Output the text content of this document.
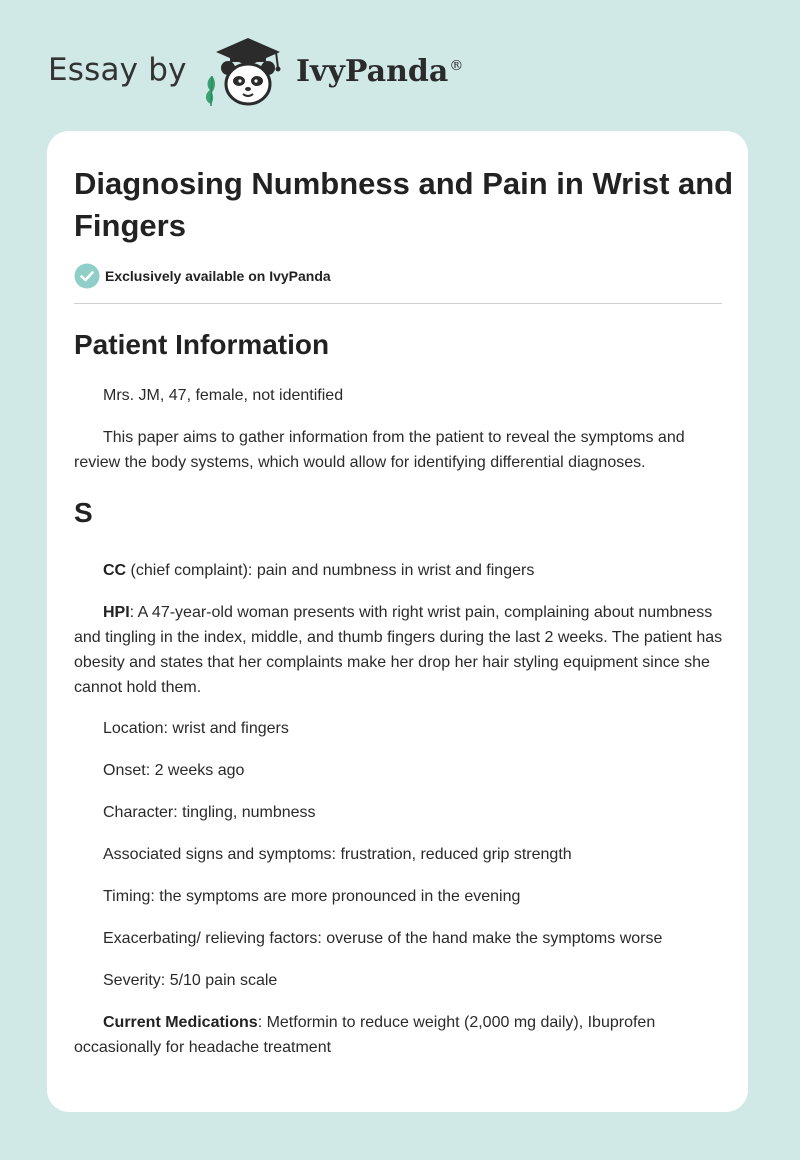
Essay by	IvyPanda®
Diagnosing Numbness and Pain in Wrist and Fingers
Exclusively available on IvyPanda
Patient Information

Mrs. JM, 47, female, not identified

This paper aims to gather information from the patient to reveal the symptoms and review the body systems, which would allow for identifying differential diagnoses.

S

CC (chief complaint): pain and numbness in wrist and fingers

HPI: A 47-year-old woman presents with right wrist pain, complaining about numbness and tingling in the index, middle, and thumb fingers during the last 2 weeks. The patient has obesity and states that her complaints make her drop her hair styling equipment since she cannot hold them.

Location: wrist and fingers

Onset: 2 weeks ago

Character: tingling, numbness

Associated signs and symptoms: frustration, reduced grip strength

Timing: the symptoms are more pronounced in the evening

Exacerbating/ relieving factors: overuse of the hand make the symptoms worse

Severity: 5/10 pain scale

Current Medications: Metformin to reduce weight (2,000 mg daily), Ibuprofen occasionally for headache treatment
